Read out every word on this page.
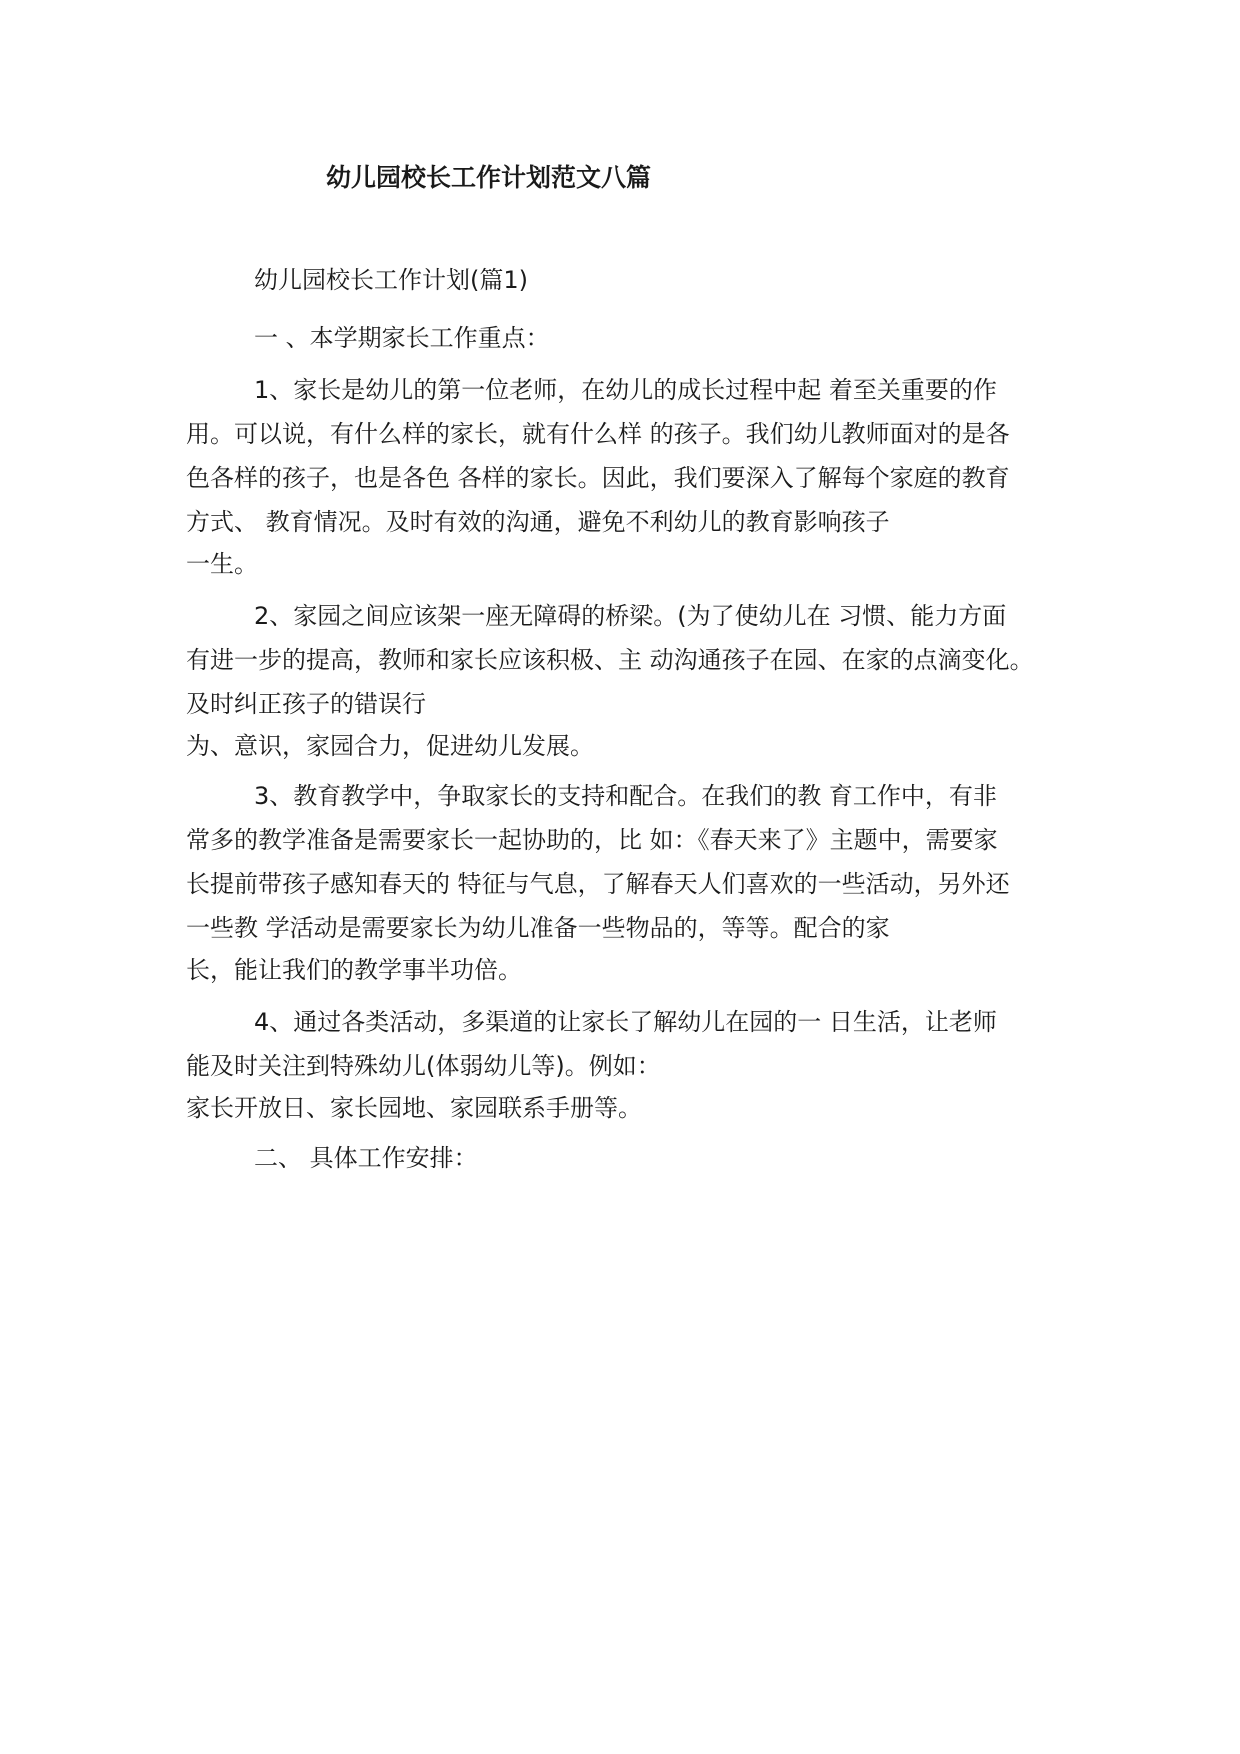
幼儿园校长工作计划范文八篇
幼儿园校长工作计划(篇1)
一 、本学期家长工作重点：
1、家长是幼儿的第一位老师，在幼儿的成长过程中起 着至关重要的作
用。可以说，有什么样的家长，就有什么样 的孩子。我们幼儿教师面对的是各
色各样的孩子，也是各色 各样的家长。因此，我们要深入了解每个家庭的教育
方式、 教育情况。及时有效的沟通，避免不利幼儿的教育影响孩子
一生。
2、家园之间应该架一座无障碍的桥梁。(为了使幼儿在 习惯、能力方面
有进一步的提高，教师和家长应该积极、主 动沟通孩子在园、在家的点滴变化。
及时纠正孩子的错误行
为、意识，家园合力，促进幼儿发展。
3、教育教学中，争取家长的支持和配合。在我们的教 育工作中，有非
常多的教学准备是需要家长一起协助的，比 如：《春天来了》主题中，需要家
长提前带孩子感知春天的 特征与气息，了解春天人们喜欢的一些活动，另外还
一些教 学活动是需要家长为幼儿准备一些物品的，等等。配合的家
长，能让我们的教学事半功倍。
4、通过各类活动，多渠道的让家长了解幼儿在园的一 日生活，让老师
能及时关注到特殊幼儿(体弱幼儿等)。例如：
家长开放日、家长园地、家园联系手册等。
二、 具体工作安排：
